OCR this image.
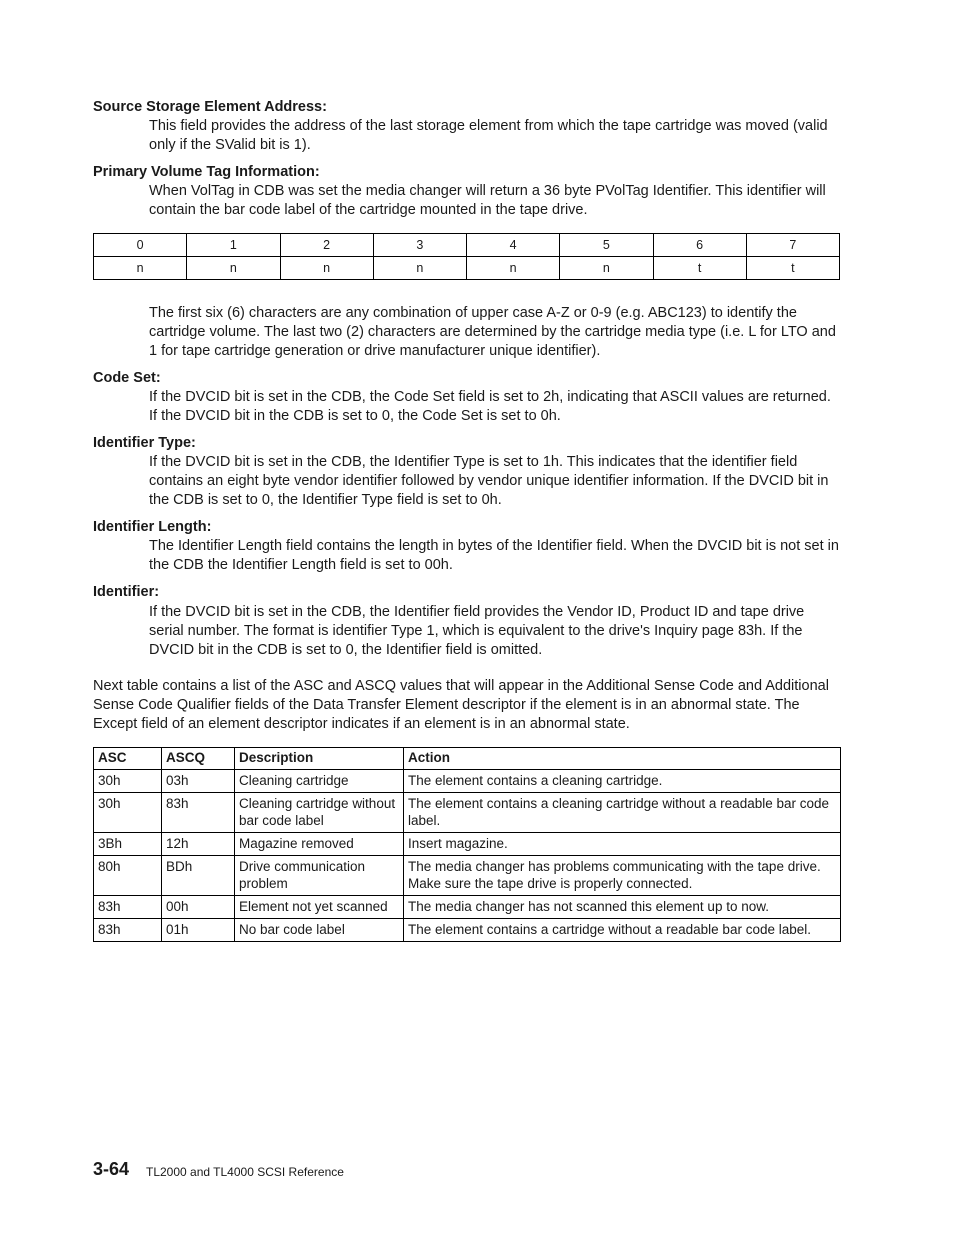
Source Storage Element Address:
This field provides the address of the last storage element from which the tape cartridge was moved (valid only if the SValid bit is 1).
Primary Volume Tag Information:
When VolTag in CDB was set the media changer will return a 36 byte PVolTag Identifier. This identifier will contain the bar code label of the cartridge mounted in the tape drive.
0	1	2	3	4	5	6	7
n	n	n	n	n	n	t	t
The first six (6) characters are any combination of upper case A-Z or 0-9 (e.g. ABC123) to identify the cartridge volume. The last two (2) characters are determined by the cartridge media type (i.e. L for LTO and 1 for tape cartridge generation or drive manufacturer unique identifier).
Code Set:
If the DVCID bit is set in the CDB, the Code Set field is set to 2h, indicating that ASCII values are returned. If the DVCID bit in the CDB is set to 0, the Code Set is set to 0h.
Identifier Type:
If the DVCID bit is set in the CDB, the Identifier Type is set to 1h. This indicates that the identifier field contains an eight byte vendor identifier followed by vendor unique identifier information. If the DVCID bit in the CDB is set to 0, the Identifier Type field is set to 0h.
Identifier Length:
The Identifier Length field contains the length in bytes of the Identifier field. When the DVCID bit is not set in the CDB the Identifier Length field is set to 00h.
Identifier:
If the DVCID bit is set in the CDB, the Identifier field provides the Vendor ID, Product ID and tape drive serial number. The format is identifier Type 1, which is equivalent to the drive's Inquiry page 83h. If the DVCID bit in the CDB is set to 0, the Identifier field is omitted.
Next table contains a list of the ASC and ASCQ values that will appear in the Additional Sense Code and Additional Sense Code Qualifier fields of the Data Transfer Element descriptor if the element is in an abnormal state. The Except field of an element descriptor indicates if an element is in an abnormal state.
ASC	ASCQ	Description	Action
30h	03h	Cleaning cartridge	The element contains a cleaning cartridge.
30h	83h	Cleaning cartridge without bar code label	The element contains a cleaning cartridge without a readable bar code label.
3Bh	12h	Magazine removed	Insert magazine.
80h	BDh	Drive communication problem	The media changer has problems communicating with the tape drive. Make sure the tape drive is properly connected.
83h	00h	Element not yet scanned	The media changer has not scanned this element up to now.
83h	01h	No bar code label	The element contains a cartridge without a readable bar code label.
3-64 TL2000 and TL4000 SCSI Reference
